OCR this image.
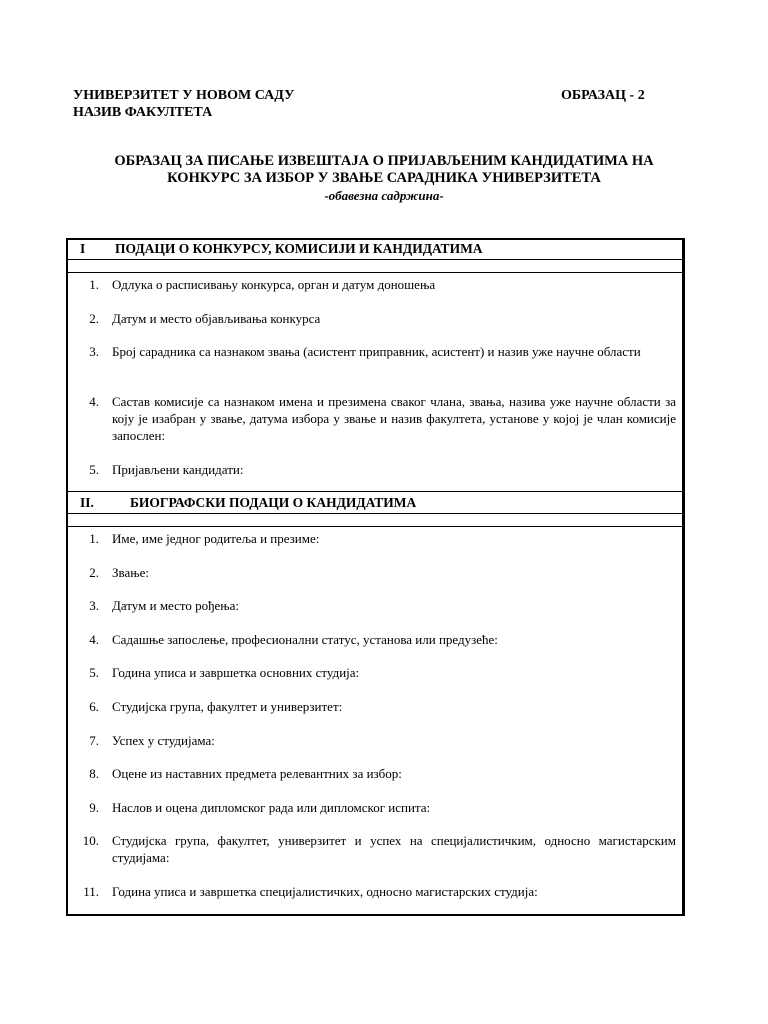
УНИВЕРЗИТЕТ У НОВОМ САДУ
НАЗИВ ФАКУЛТЕТА
ОБРАЗАЦ - 2
ОБРАЗАЦ ЗА ПИСАЊЕ ИЗВЕШТАЈА О ПРИЈАВЉЕНИМ КАНДИДАТИМА НА
КОНКУРС ЗА ИЗБОР У ЗВАЊЕ САРАДНИКА УНИВЕРЗИТЕТА
-обавезна садржина-
I ПОДАЦИ О КОНКУРСУ, КОМИСИЈИ И КАНДИДАТИМА
1. Одлука о расписивању конкурса, орган и датум доношења
2. Датум и место објављивања конкурса
3. Број сарадника са назнаком звања (асистент приправник, асистент) и назив уже научне области
4. Састав комисије са назнаком имена и презимена сваког члана, звања, назива уже научне области за коју је изабран у звање, датума избора у звање и назив факултета, установе у којој је члан комисије запослен:
5. Пријављени кандидати:
II.	БИОГРАФСКИ ПОДАЦИ О КАНДИДАТИМА
1. Име, име једног родитеља и презиме:
2. Звање:
3. Датум и место рођења:
4. Садашње запослење, професионални статус, установа или предузеће:
5. Година уписа и завршетка основних студија:
6. Студијска група, факултет и универзитет:
7. Успех у студијама:
8. Оцене из наставних предмета релевантних за избор:
9. Наслов и оцена дипломског рада или дипломског испита:
10. Студијска група, факултет, универзитет и успех на специјалистичким, односно магистарским студијама:
11. Година уписа и завршетка специјалистичких, односно магистарских студија:
